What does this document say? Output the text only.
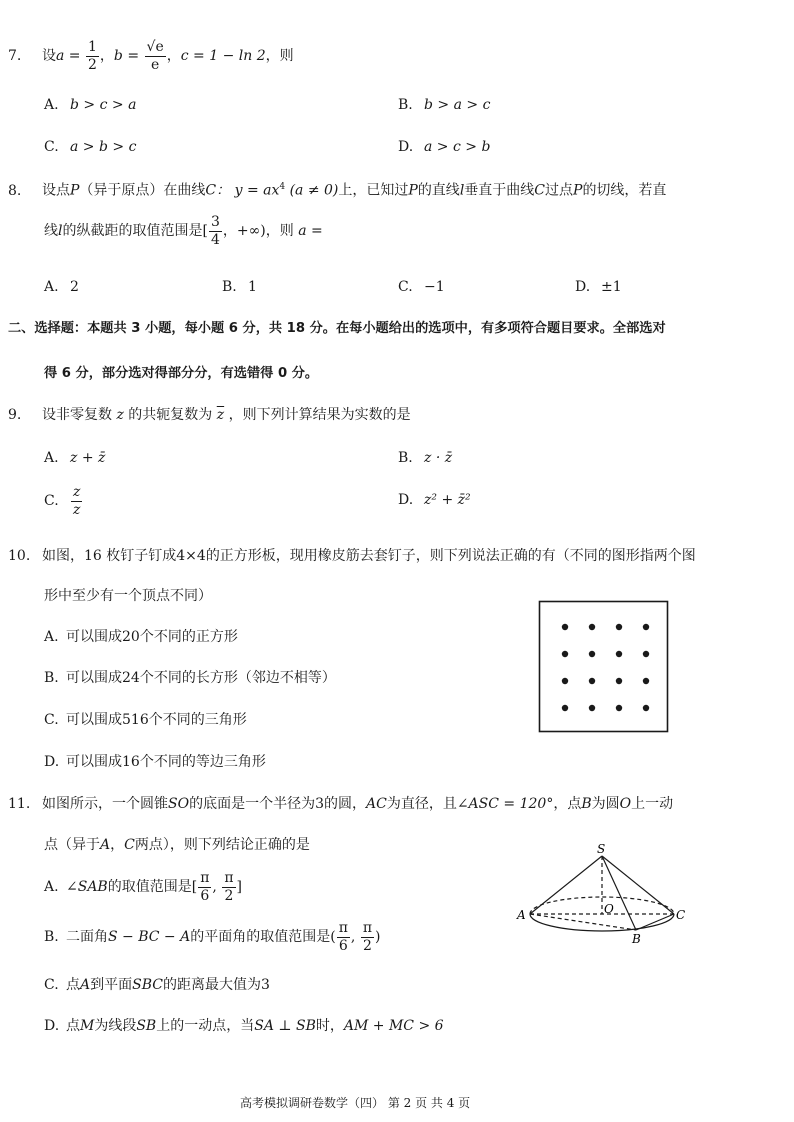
7.	设 $a = \frac{1}{2}$ ， $b = \frac{√e}{e}$ ， c = 1 − ln 2 ，则
A. b > c > a	B. b > a > c
C. a > b > c	D. a > c > b
8. 设点P（异于原点）在曲线C： $y = ax^4$ (a ≠ 0)上，已知过P的直线l垂直于曲线C过点P的切线，若直
线 l 的纵截距的取值范围是 [ $\frac{3}{4}$ ，+∞)，则
a =
A. 2	B. 1	C. −1	D. ±1
二、选择题：本题共 3 小题，每小题 6 分，共 18 分。在每小题给出的选项中，有多项符合题目要求。全部选对
得 6 分，部分选对得部分分，有选错得 0 分。
9. 设非零复数 z 的共轭复数为 $\overline{z}$ ，则下列计算结果为实数的是
A. z + z̄	B. z · z̄
C. $\frac{z}{z}$	D. z² + z̄²
10. 如图，16 枚钉子钉成4×4的正方形板，现用橡皮筋去套钉子，则下列说法正确的有（不同的图形指两个图
形中至少有一个顶点不同）
A. 可以围成20个不同的正方形
B. 可以围成24个不同的长方形（邻边不相等）
C. 可以围成516个不同的三角形
D. 可以围成16个不同的等边三角形
11. 如图所示，一个圆锥SO的底面是一个半径为3的圆，AC为直径，且∠ASC = 120°，点B为圆O上一动
点（异于A，C两点），则下列结论正确的是
A. ∠SAB 的取值范围是 [ $\frac{\pi}{6}$ , $\frac{\pi}{2}$ ]
B. 二面角 S − BC − A 的平面角的取值范围是 ( $\frac{\pi}{6}$ , $\frac{\pi}{2}$ )
C. 点A到平面SBC的距离最大值为3
D. 点M为线段SB上的一动点，当SA ⊥ SB时，AM + MC > 6
S
O
A	C
B
高考模拟调研卷数学（四） 第 2 页 共 4 页
